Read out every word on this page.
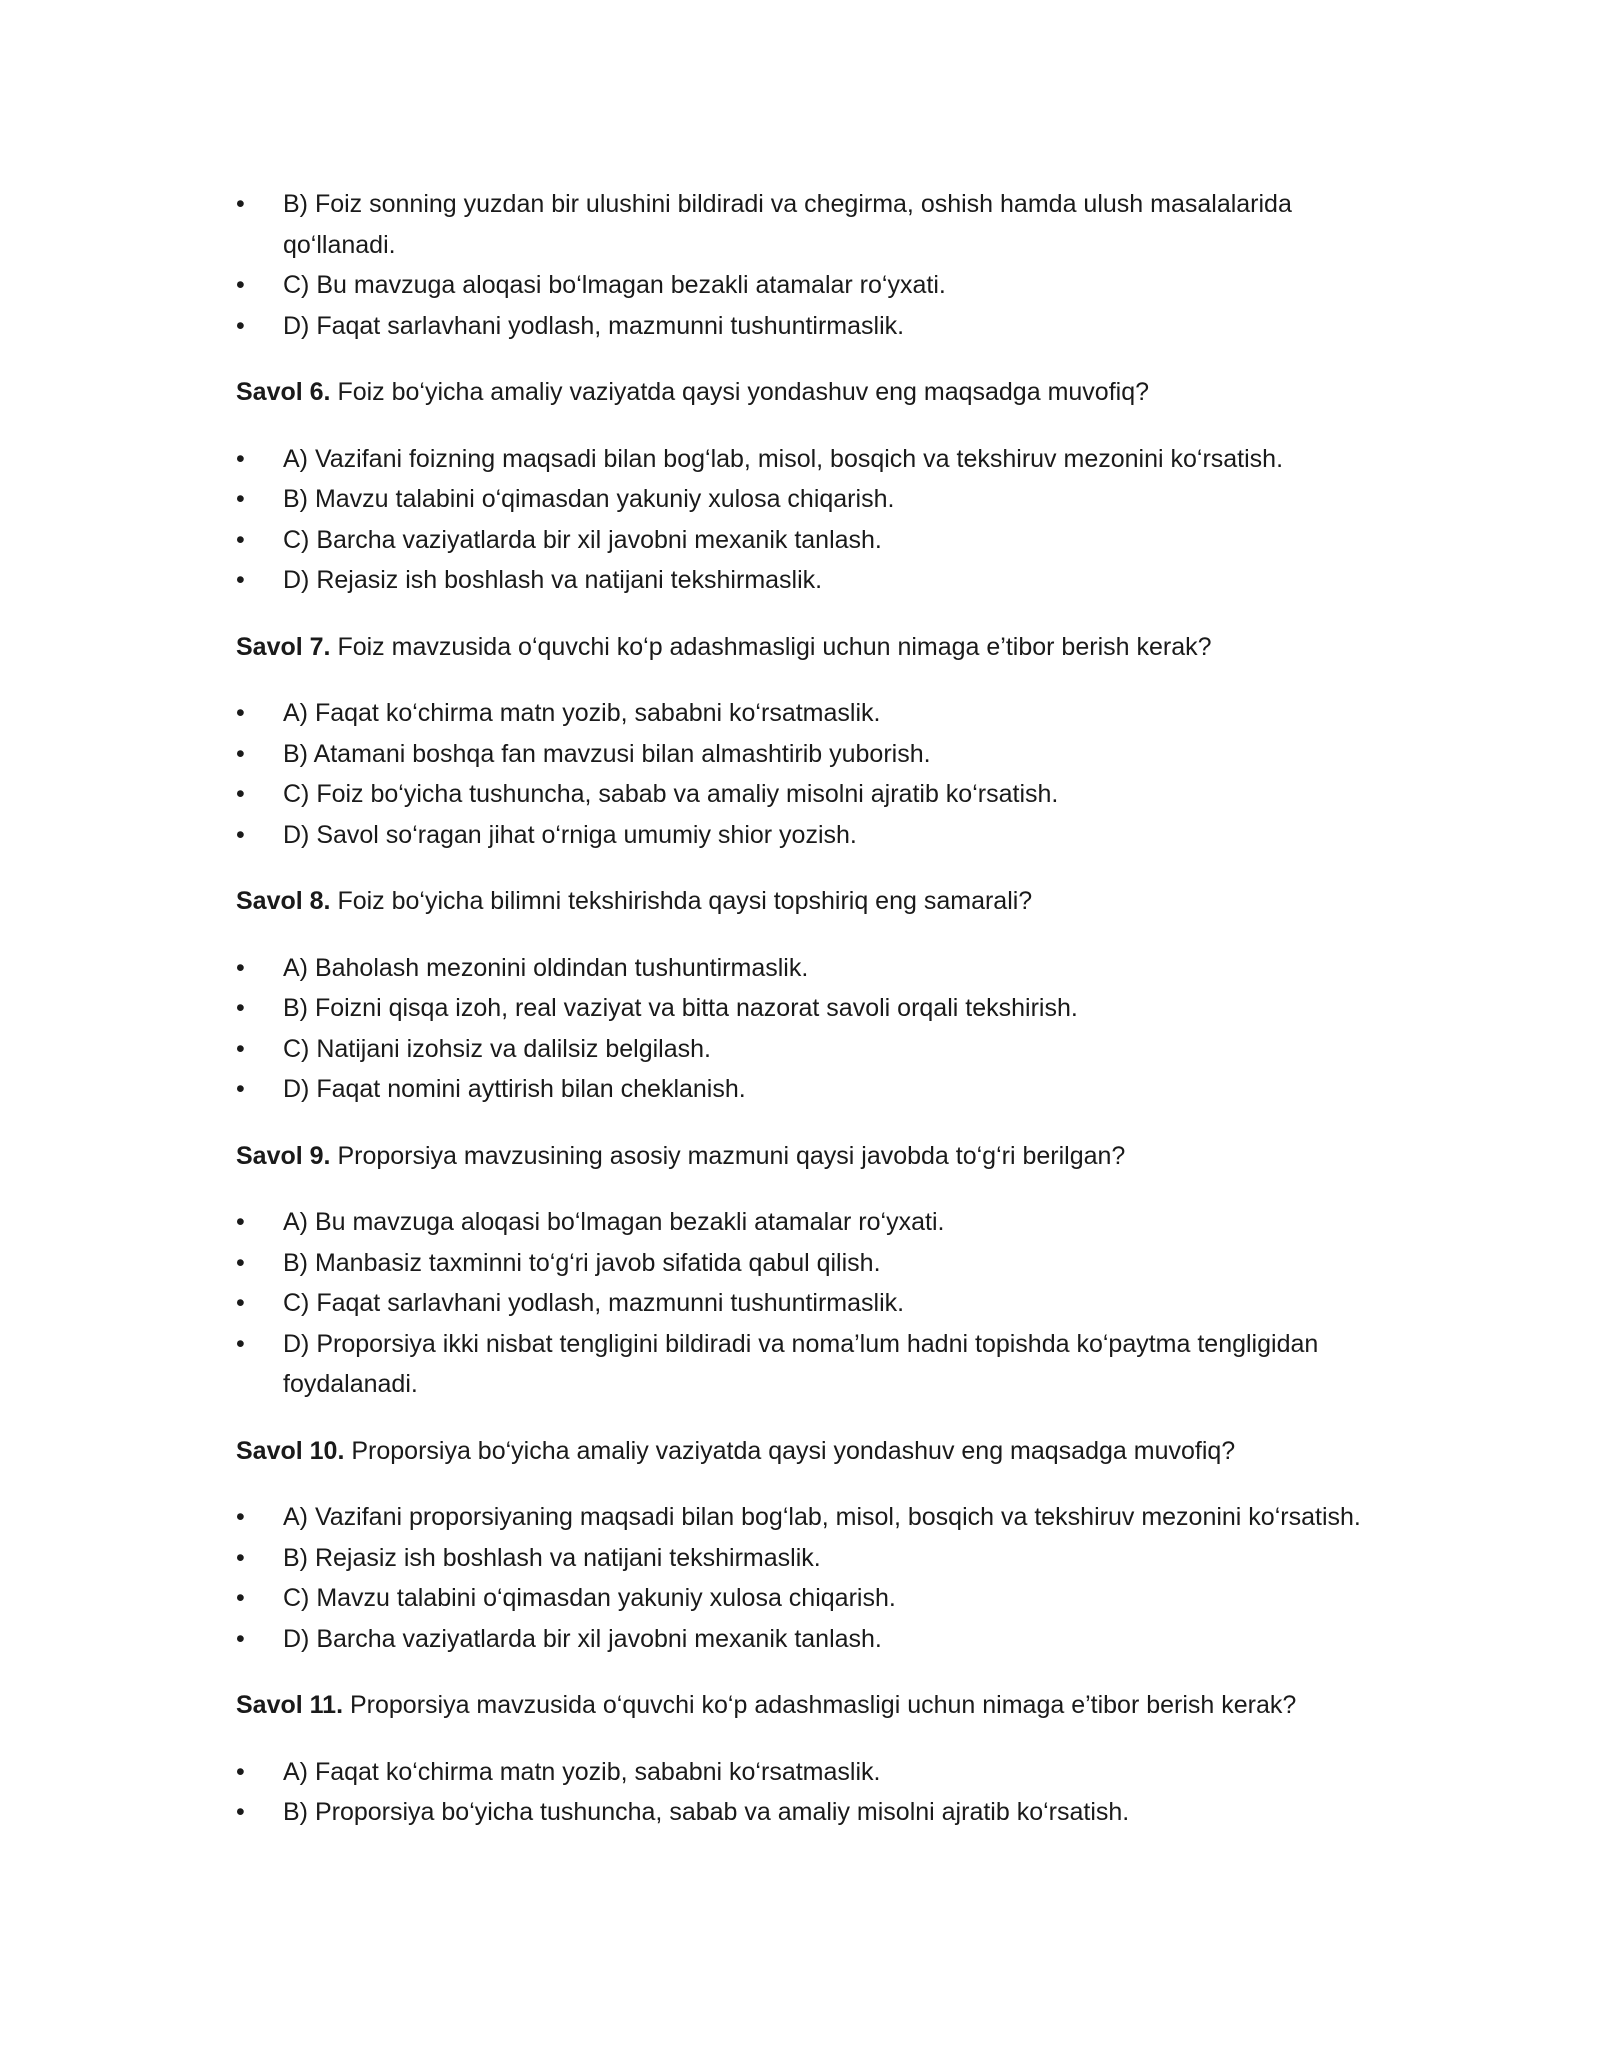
•	B) Foiz sonning yuzdan bir ulushini bildiradi va chegirma, oshish hamda ulush masalalarida qo‘llanadi.
•	C) Bu mavzuga aloqasi bo‘lmagan bezakli atamalar ro‘yxati.
•	D) Faqat sarlavhani yodlash, mazmunni tushuntirmaslik.

Savol 6. Foiz bo‘yicha amaliy vaziyatda qaysi yondashuv eng maqsadga muvofiq?

•	A) Vazifani foizning maqsadi bilan bog‘lab, misol, bosqich va tekshiruv mezonini ko‘rsatish.
•	B) Mavzu talabini o‘qimasdan yakuniy xulosa chiqarish.
•	C) Barcha vaziyatlarda bir xil javobni mexanik tanlash.
•	D) Rejasiz ish boshlash va natijani tekshirmaslik.

Savol 7. Foiz mavzusida o‘quvchi ko‘p adashmasligi uchun nimaga e’tibor berish kerak?

•	A) Faqat ko‘chirma matn yozib, sababni ko‘rsatmaslik.
•	B) Atamani boshqa fan mavzusi bilan almashtirib yuborish.
•	C) Foiz bo‘yicha tushuncha, sabab va amaliy misolni ajratib ko‘rsatish.
•	D) Savol so‘ragan jihat o‘rniga umumiy shior yozish.

Savol 8. Foiz bo‘yicha bilimni tekshirishda qaysi topshiriq eng samarali?

•	A) Baholash mezonini oldindan tushuntirmaslik.
•	B) Foizni qisqa izoh, real vaziyat va bitta nazorat savoli orqali tekshirish.
•	C) Natijani izohsiz va dalilsiz belgilash.
•	D) Faqat nomini ayttirish bilan cheklanish.

Savol 9. Proporsiya mavzusining asosiy mazmuni qaysi javobda to‘g‘ri berilgan?

•	A) Bu mavzuga aloqasi bo‘lmagan bezakli atamalar ro‘yxati.
•	B) Manbasiz taxminni to‘g‘ri javob sifatida qabul qilish.
•	C) Faqat sarlavhani yodlash, mazmunni tushuntirmaslik.
•	D) Proporsiya ikki nisbat tengligini bildiradi va noma’lum hadni topishda ko‘paytma tengligidan foydalanadi.

Savol 10. Proporsiya bo‘yicha amaliy vaziyatda qaysi yondashuv eng maqsadga muvofiq?

•	A) Vazifani proporsiyaning maqsadi bilan bog‘lab, misol, bosqich va tekshiruv mezonini ko‘rsatish.
•	B) Rejasiz ish boshlash va natijani tekshirmaslik.
•	C) Mavzu talabini o‘qimasdan yakuniy xulosa chiqarish.
•	D) Barcha vaziyatlarda bir xil javobni mexanik tanlash.

Savol 11. Proporsiya mavzusida o‘quvchi ko‘p adashmasligi uchun nimaga e’tibor berish kerak?

•	A) Faqat ko‘chirma matn yozib, sababni ko‘rsatmaslik.
•	B) Proporsiya bo‘yicha tushuncha, sabab va amaliy misolni ajratib ko‘rsatish.
